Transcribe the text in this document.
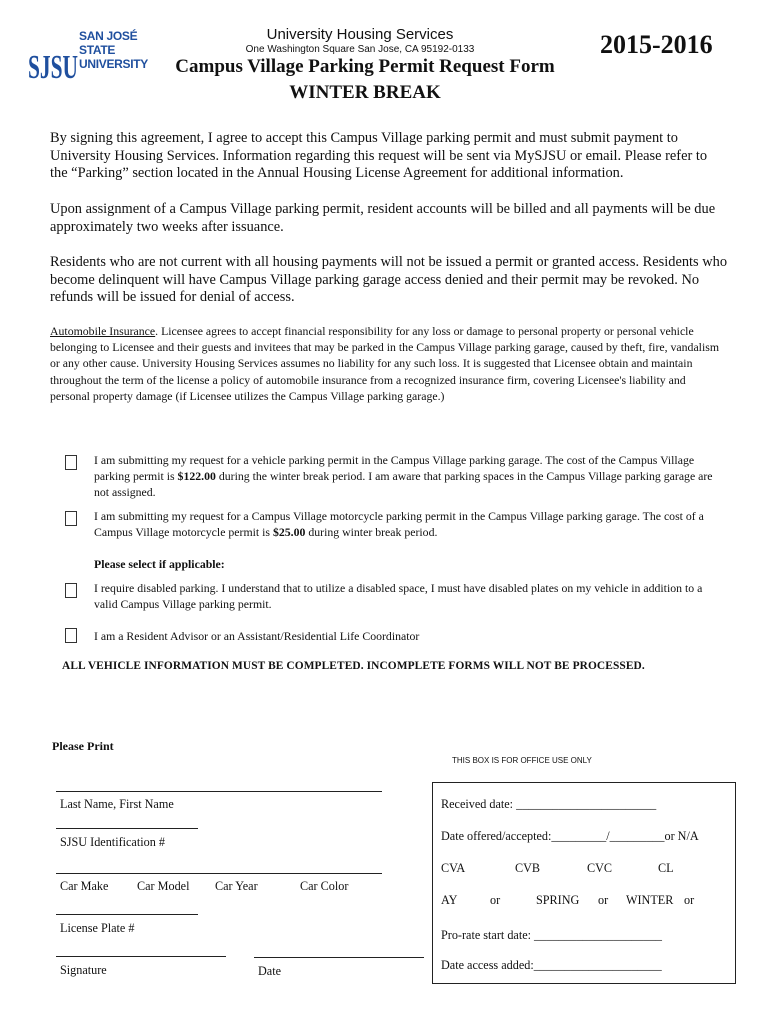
SJSU
SAN JOSÉ STATE
UNIVERSITY
University Housing Services
One Washington Square San Jose, CA 95192-0133
Campus Village Parking Permit Request Form
WINTER BREAK
2015-2016
By signing this agreement, I agree to accept this Campus Village parking permit and must submit payment to University Housing Services. Information regarding this request will be sent via MySJSU or email. Please refer to the “Parking” section located in the Annual Housing License Agreement for additional information.
Upon assignment of a Campus Village parking permit, resident accounts will be billed and all payments will be due approximately two weeks after issuance.
Residents who are not current with all housing payments will not be issued a permit or granted access. Residents who become delinquent will have Campus Village parking garage access denied and their permit may be revoked. No refunds will be issued for denial of access.
Automobile Insurance. Licensee agrees to accept financial responsibility for any loss or damage to personal property or personal vehicle belonging to Licensee and their guests and invitees that may be parked in the Campus Village parking garage, caused by theft, fire, vandalism or any other cause. University Housing Services assumes no liability for any such loss. It is suggested that Licensee obtain and maintain throughout the term of the license a policy of automobile insurance from a recognized insurance firm, covering Licensee's liability and personal property damage (if Licensee utilizes the Campus Village parking garage.)
I am submitting my request for a vehicle parking permit in the Campus Village parking garage. The cost of the Campus Village parking permit is $122.00 during the winter break period. I am aware that parking spaces in the Campus Village parking garage are not assigned.
I am submitting my request for a Campus Village motorcycle parking permit in the Campus Village parking garage. The cost of a Campus Village motorcycle permit is $25.00 during winter break period.
Please select if applicable:
I require disabled parking. I understand that to utilize a disabled space, I must have disabled plates on my vehicle in addition to a valid Campus Village parking permit.
I am a Resident Advisor or an Assistant/Residential Life Coordinator
ALL VEHICLE INFORMATION MUST BE COMPLETED. INCOMPLETE FORMS WILL NOT BE PROCESSED.
Please Print
THIS BOX IS FOR OFFICE USE ONLY
Last Name, First Name
SJSU Identification #
Car Make Car Model Car Year	Car Color
License Plate #
Signature	Date
Received date: _______________________
Date offered/accepted:_________/_________or N/A
CVA	CVB	CVC	CL
AY	or	SPRING or WINTER or
Pro-rate start date: _____________________
Date access added:_____________________
